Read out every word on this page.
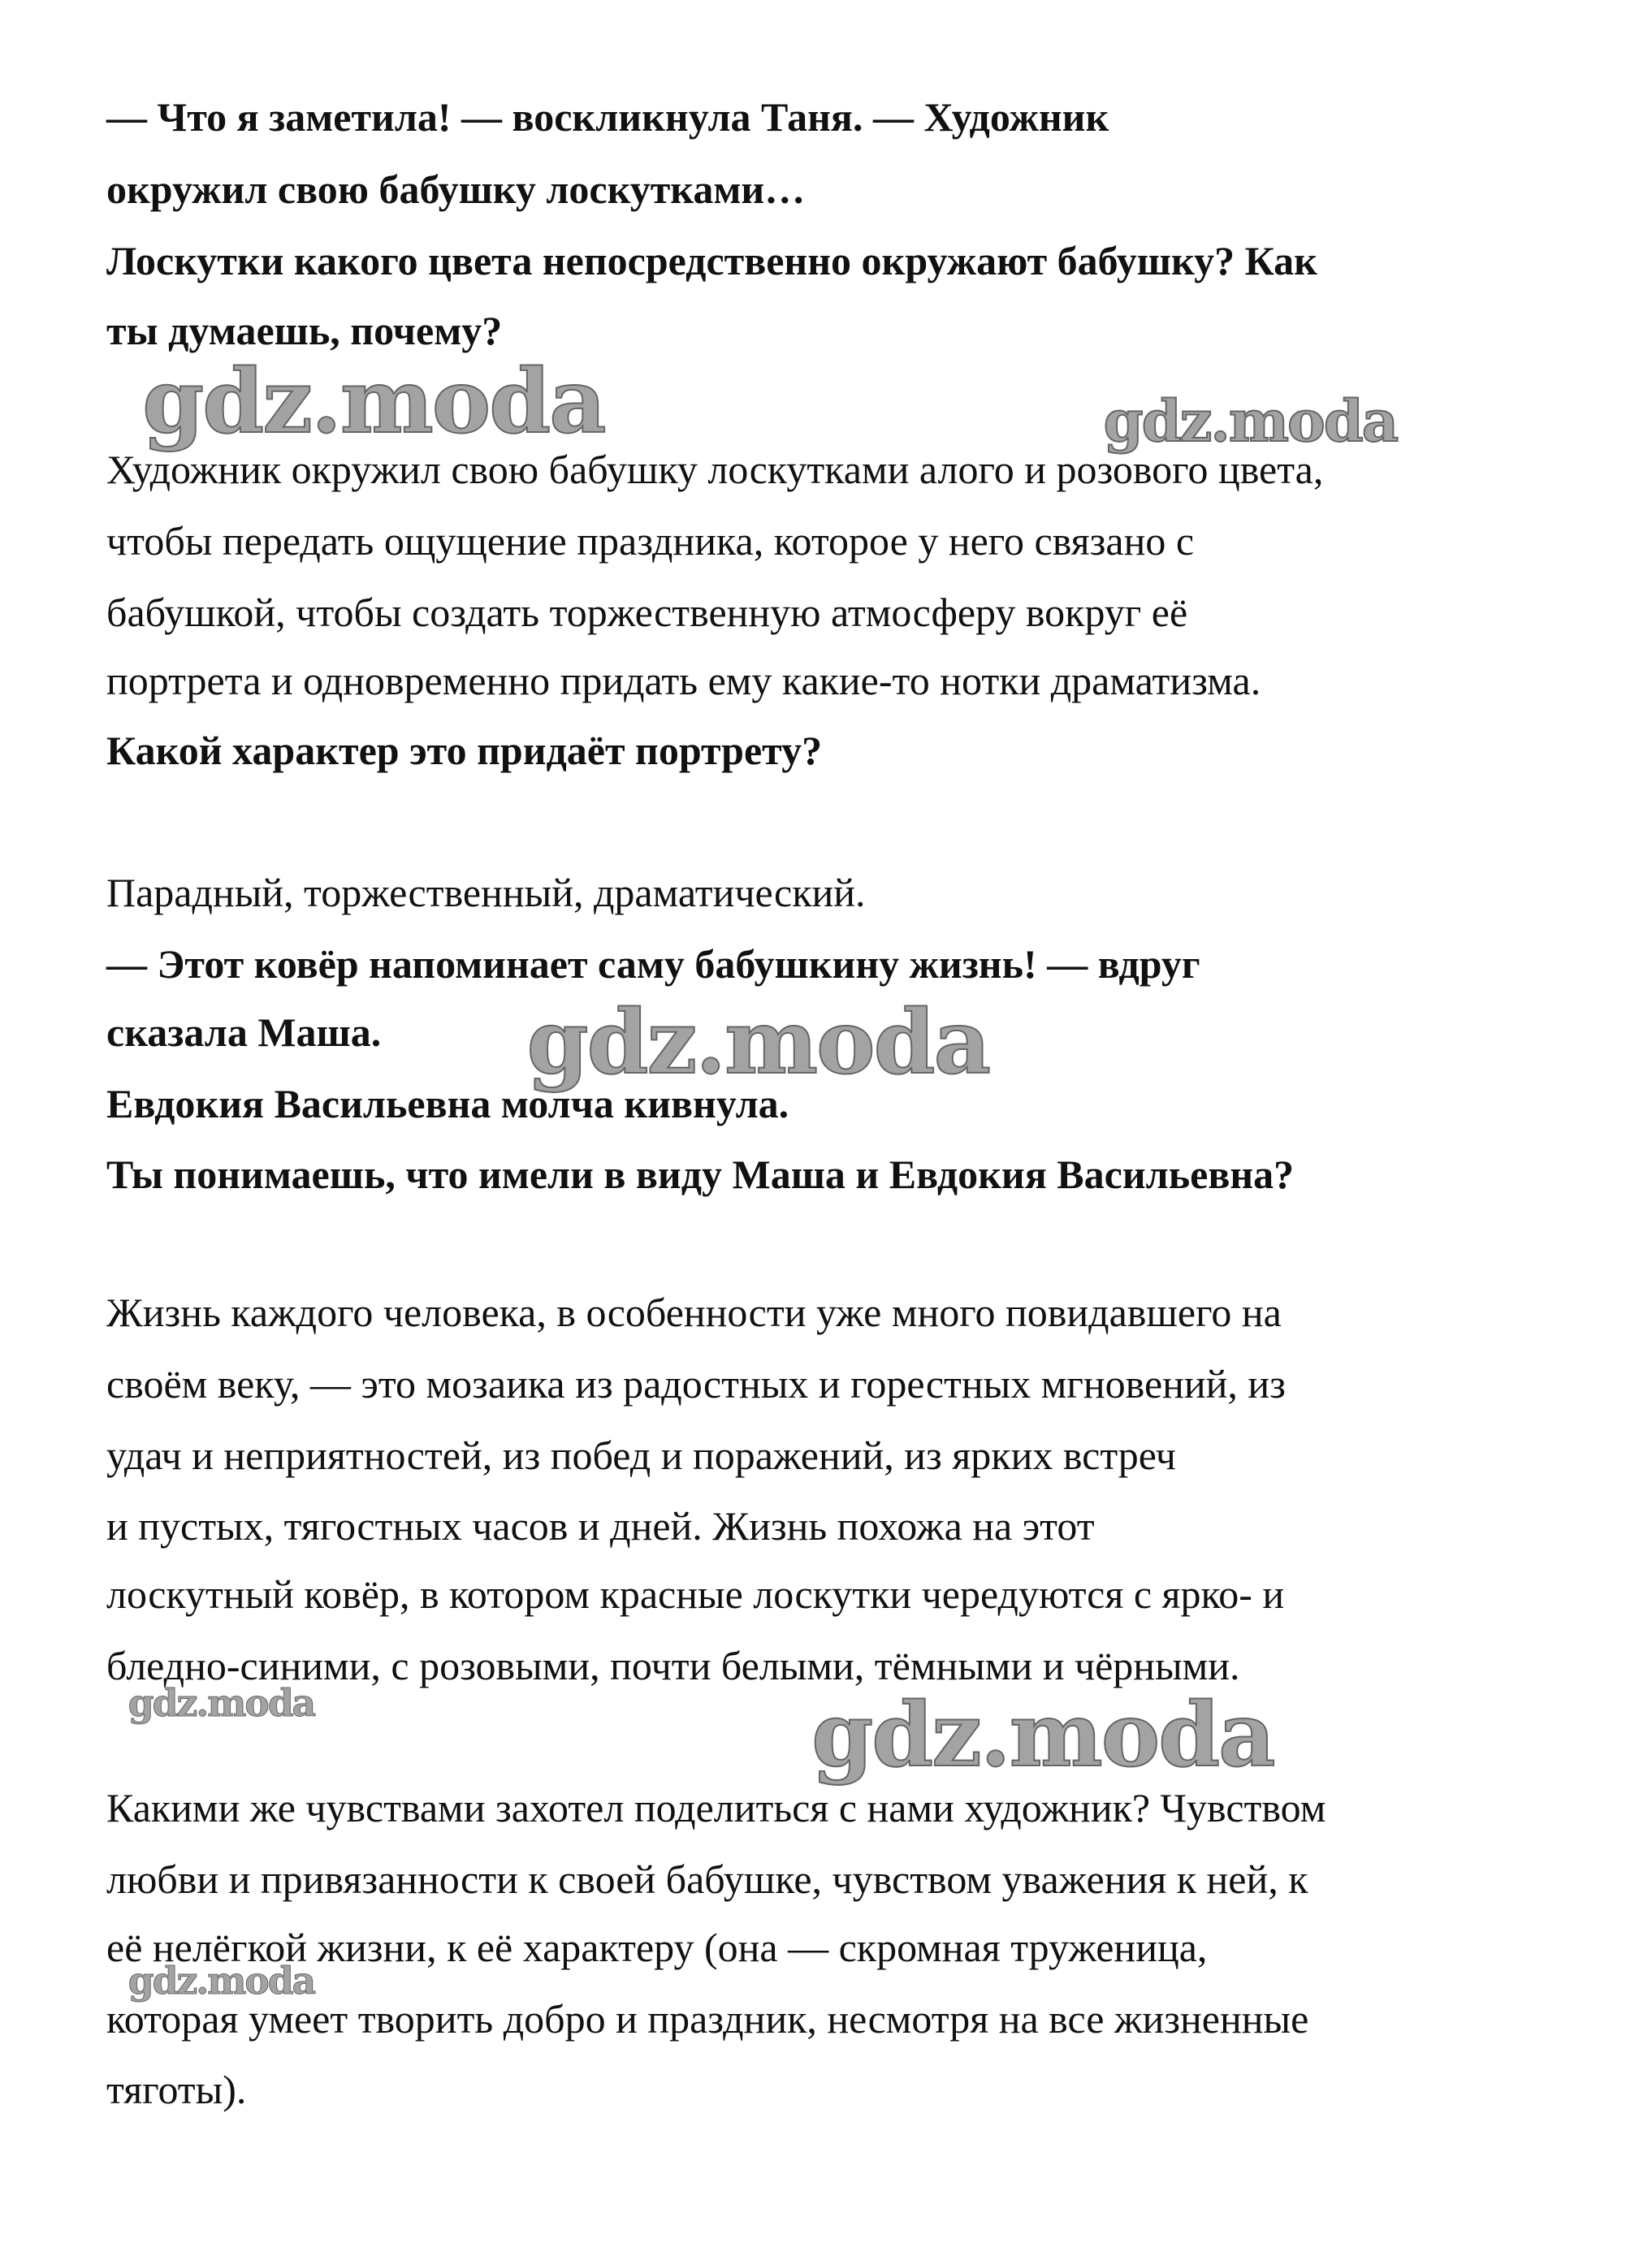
— Что я заметила! — воскликнула Таня. — Художник
окружил свою бабушку лоскутками…
Лоскутки какого цвета непосредственно окружают бабушку? Как
ты думаешь, почему?
Художник окружил свою бабушку лоскутками алого и розового цвета,
чтобы передать ощущение праздника, которое у него связано с
бабушкой, чтобы создать торжественную атмосферу вокруг её
портрета и одновременно придать ему какие-то нотки драматизма.
Какой характер это придаёт портрету?
Парадный, торжественный, драматический.
— Этот ковёр напоминает саму бабушкину жизнь! — вдруг
сказала Маша.
Евдокия Васильевна молча кивнула.
Ты понимаешь, что имели в виду Маша и Евдокия Васильевна?
Жизнь каждого человека, в особенности уже много повидавшего на
своём веку, — это мозаика из радостных и горестных мгновений, из
удач и неприятностей, из побед и поражений, из ярких встреч
и пустых, тягостных часов и дней. Жизнь похожа на этот
лоскутный ковёр, в котором красные лоскутки чередуются с ярко- и
бледно-синими, с розовыми, почти белыми, тёмными и чёрными.
Какими же чувствами захотел поделиться с нами художник? Чувством
любви и привязанности к своей бабушке, чувством уважения к ней, к
её нелёгкой жизни, к её характеру (она — скромная труженица,
которая умеет творить добро и праздник, несмотря на все жизненные
тяготы).
gdz.moda	gdz.moda
gdz.moda
gdz.moda	gdz.moda
gdz.moda
